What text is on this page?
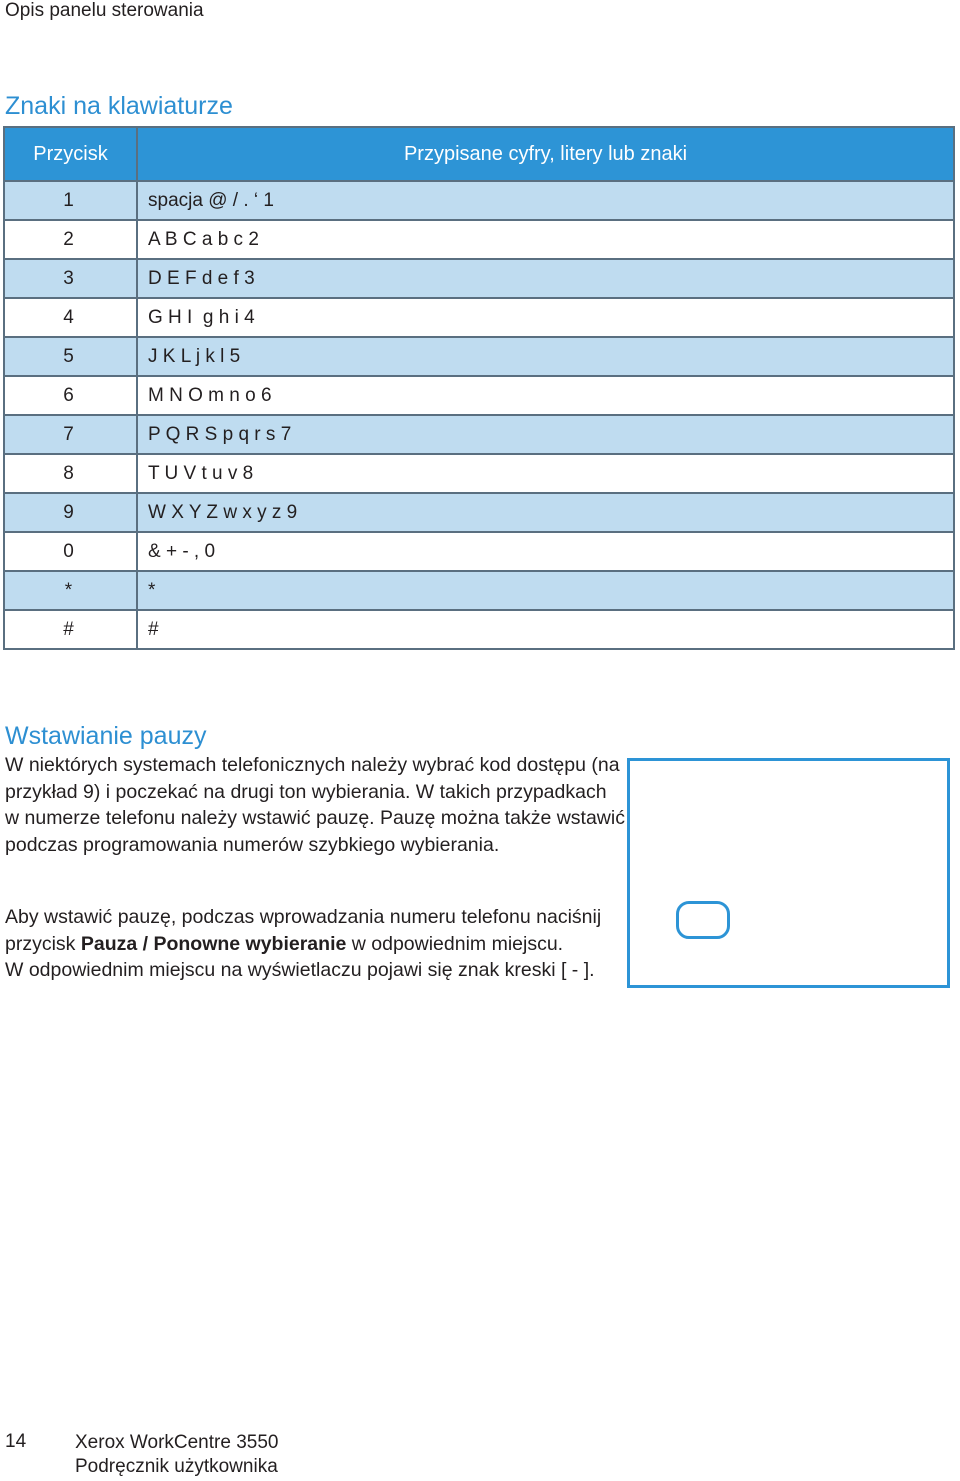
Opis panelu sterowania
Znaki na klawiaturze
Przycisk	Przypisane cyfry, litery lub znaki
1	spacja @ / . ‘ 1
2	A B C a b c 2
3	D E F d e f 3
4	G H I  g h i 4
5	J K L j k l 5
6	M N O m n o 6
7	P Q R S p q r s 7
8	T U V t u v 8
9	W X Y Z w x y z 9
0	& + - , 0
*	*
#	#
Wstawianie pauzy

W niektórych systemach telefonicznych należy wybrać kod dostępu (na przykład 9) i poczekać na drugi ton wybierania. W takich przypadkach w numerze telefonu należy wstawić pauzę. Pauzę można także wstawić podczas programowania numerów szybkiego wybierania.

Aby wstawić pauzę, podczas wprowadzania numeru telefonu naciśnij przycisk Pauza / Ponowne wybieranie w odpowiednim miejscu.
W odpowiednim miejscu na wyświetlaczu pojawi się znak kreski [ - ].

14	Xerox WorkCentre 3550
Podręcznik użytkownika
